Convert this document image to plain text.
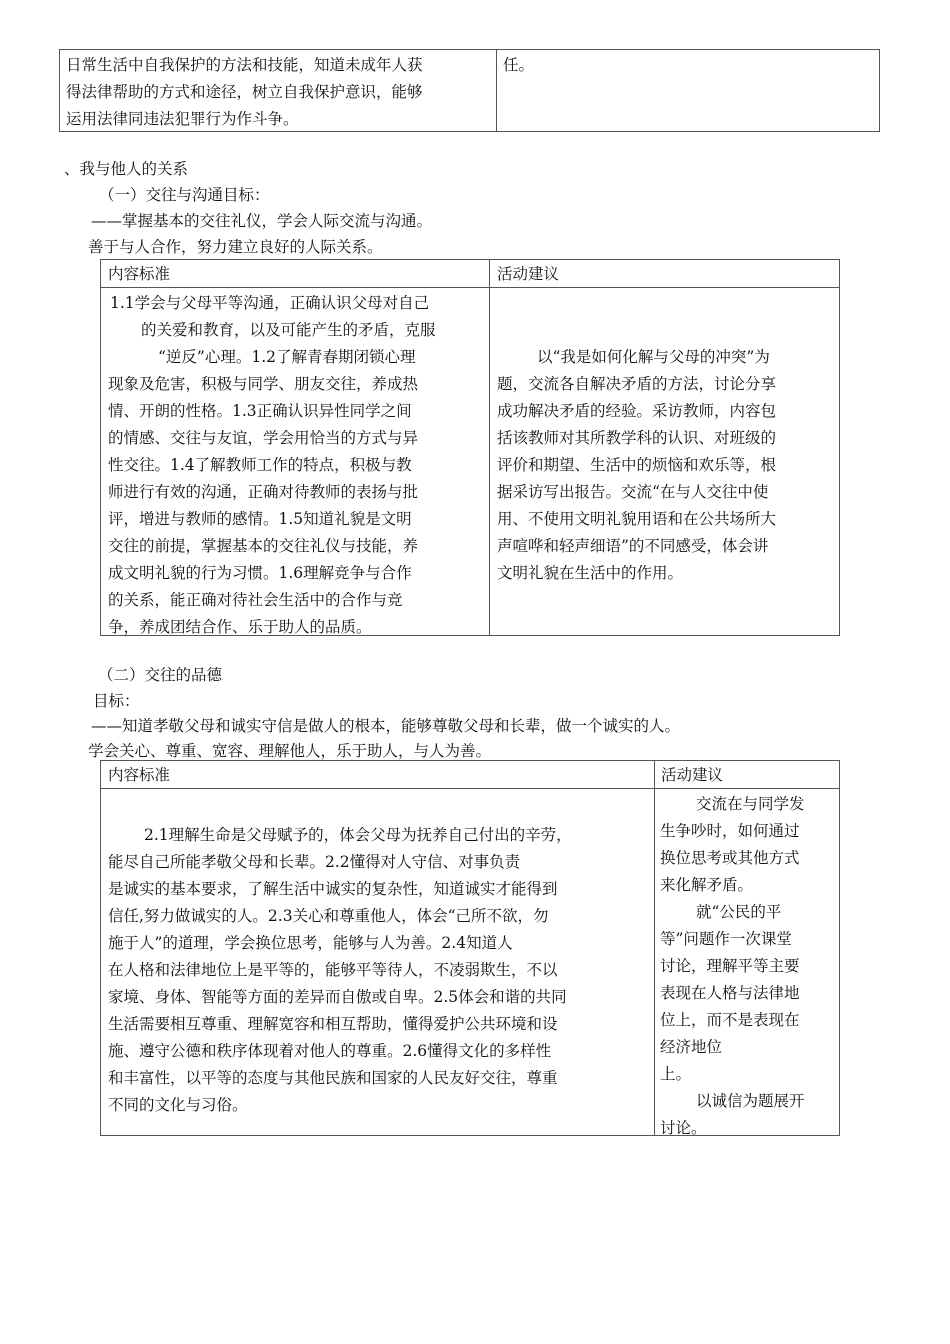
日常生活中自我保护的方法和技能，知道未成年人获
得法律帮助的方式和途径，树立自我保护意识，能够
运用法律同违法犯罪行为作斗争。
任。
、我与他人的关系
（一）交往与沟通目标：
——掌握基本的交往礼仪，学会人际交流与沟通。
善于与人合作，努力建立良好的人际关系。
内容标准	活动建议
1.1学会与父母平等沟通，正确认识父母对自己
的关爱和教育，以及可能产生的矛盾，克服
“逆反”心理。1.2了解青春期闭锁心理
现象及危害，积极与同学、朋友交往，养成热
情、开朗的性格。1.3正确认识异性同学之间
的情感、交往与友谊，学会用恰当的方式与异
性交往。1.4了解教师工作的特点，积极与教
师进行有效的沟通，正确对待教师的表扬与批
评，增进与教师的感情。1.5知道礼貌是文明
交往的前提，掌握基本的交往礼仪与技能，养
成文明礼貌的行为习惯。1.6理解竞争与合作
的关系，能正确对待社会生活中的合作与竞
争，养成团结合作、乐于助人的品质。
以“我是如何化解与父母的冲突”为
题，交流各自解决矛盾的方法，讨论分享
成功解决矛盾的经验。采访教师，内容包
括该教师对其所教学科的认识、对班级的
评价和期望、生活中的烦恼和欢乐等，根
据采访写出报告。交流“在与人交往中使
用、不使用文明礼貌用语和在公共场所大
声喧哗和轻声细语”的不同感受，体会讲
文明礼貌在生活中的作用。
（二）交往的品德
目标：
——知道孝敬父母和诚实守信是做人的根本，能够尊敬父母和长辈，做一个诚实的人。
学会关心、尊重、宽容、理解他人，乐于助人，与人为善。
内容标准	活动建议
2.1理解生命是父母赋予的，体会父母为抚养自己付出的辛劳，
能尽自己所能孝敬父母和长辈。2.2懂得对人守信、对事负责
是诚实的基本要求，了解生活中诚实的复杂性，知道诚实才能得到
信任,努力做诚实的人。2.3关心和尊重他人，体会“己所不欲，勿
施于人”的道理，学会换位思考，能够与人为善。2.4知道人
在人格和法律地位上是平等的，能够平等待人，不凌弱欺生，不以
家境、身体、智能等方面的差异而自傲或自卑。2.5体会和谐的共同
生活需要相互尊重、理解宽容和相互帮助，懂得爱护公共环境和设
施、遵守公德和秩序体现着对他人的尊重。2.6懂得文化的多样性
和丰富性，以平等的态度与其他民族和国家的人民友好交往，尊重
不同的文化与习俗。
交流在与同学发
生争吵时，如何通过
换位思考或其他方式
来化解矛盾。
就“公民的平
等”问题作一次课堂
讨论，理解平等主要
表现在人格与法律地
位上，而不是表现在
经济地位
上。
以诚信为题展开
讨论。
